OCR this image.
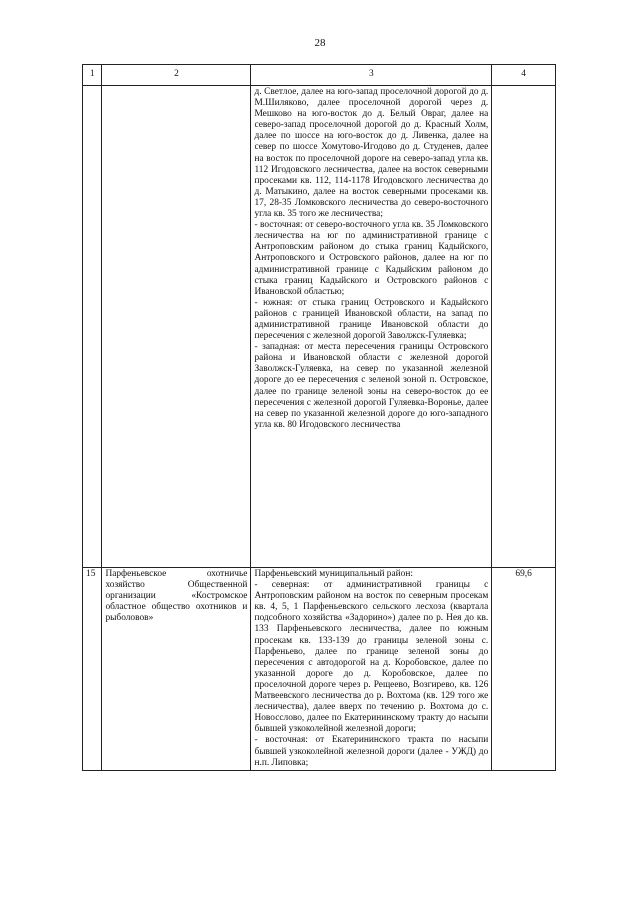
28
1	2	3	4

		д. Светлое, далее на юго-запад проселочной дорогой до д. М.Шиляково, далее проселочной дорогой через д. Мешково на юго-восток до д. Белый Овраг, далее на северо-запад проселочной дорогой до д. Красный Холм, далее по шоссе на юго-восток до д. Ливенка, далее на север по шоссе Хомутово-Игодово до д. Студенев, далее на восток по проселочной дороге на северо-запад угла кв. 112 Игодовского лесничества, далее на восток северными просеками кв. 112, 114-1178 Игодовского лесничества до д. Матыкино, далее на восток северными просеками кв. 17, 28-35 Ломковского лесничества до северо-восточного угла кв. 35 того же лесничества;

- восточная: от северо-восточного угла кв. 35 Ломковского лесничества на юг по административной границе с Антроповским районом до стыка границ Кадыйского, Антроповского и Островского районов, далее на юг по административной границе с Кадыйским районом до стыка границ Кадыйского и Островского районов с Ивановской областью;

- южная: от стыка границ Островского и Кадыйского районов с границей Ивановской области, на запад по административной границе Ивановской области до пересечения с железной дорогой Заволжск-Гуляевка;

- западная: от места пересечения границы Островского района и Ивановской области с железной дорогой Заволжск-Гуляевка, на север по указанной железной дороге до ее пересечения с зеленой зоной п. Островское, далее по границе зеленой зоны на северо-восток до ее пересечения с железной дорогой Гуляевка-Воронье, далее на север по указанной железной дороге до юго-западного угла кв. 80 Игодовского лесничества	

15	Парфеньевское охотничье хозяйство Общественной организации «Костромское областное общество охотников и рыболовов»	Парфеньевский муниципальный район:

- северная: от административной границы с Антроповским районом на восток по северным просекам кв. 4, 5, 1 Парфеньевского сельского лесхоза (квартала подсобного хозяйства «Задорино») далее по р. Нея до кв. 133 Парфеньевского лесничества, далее по южным просекам кв. 133-139 до границы зеленой зоны с. Парфеньево, далее по границе зеленой зоны до пересечения с автодорогой на д. Коробовское, далее по указанной дороге до д. Коробовское, далее по проселочной дороге через р. Рещеево, Возгирево, кв. 126 Матвеевского лесничества до р. Вохтома (кв. 129 того же лесничества), далее вверх по течению р. Вохтома до с. Новосслово, далее по Екатерининскому тракту до насыпи бывшей узкоколейной железной дороги;

- восточная: от Екатерининского тракта по насыпи бывшей узкоколейной железной дороги (далее - УЖД) до н.п. Липовка;	69,6
